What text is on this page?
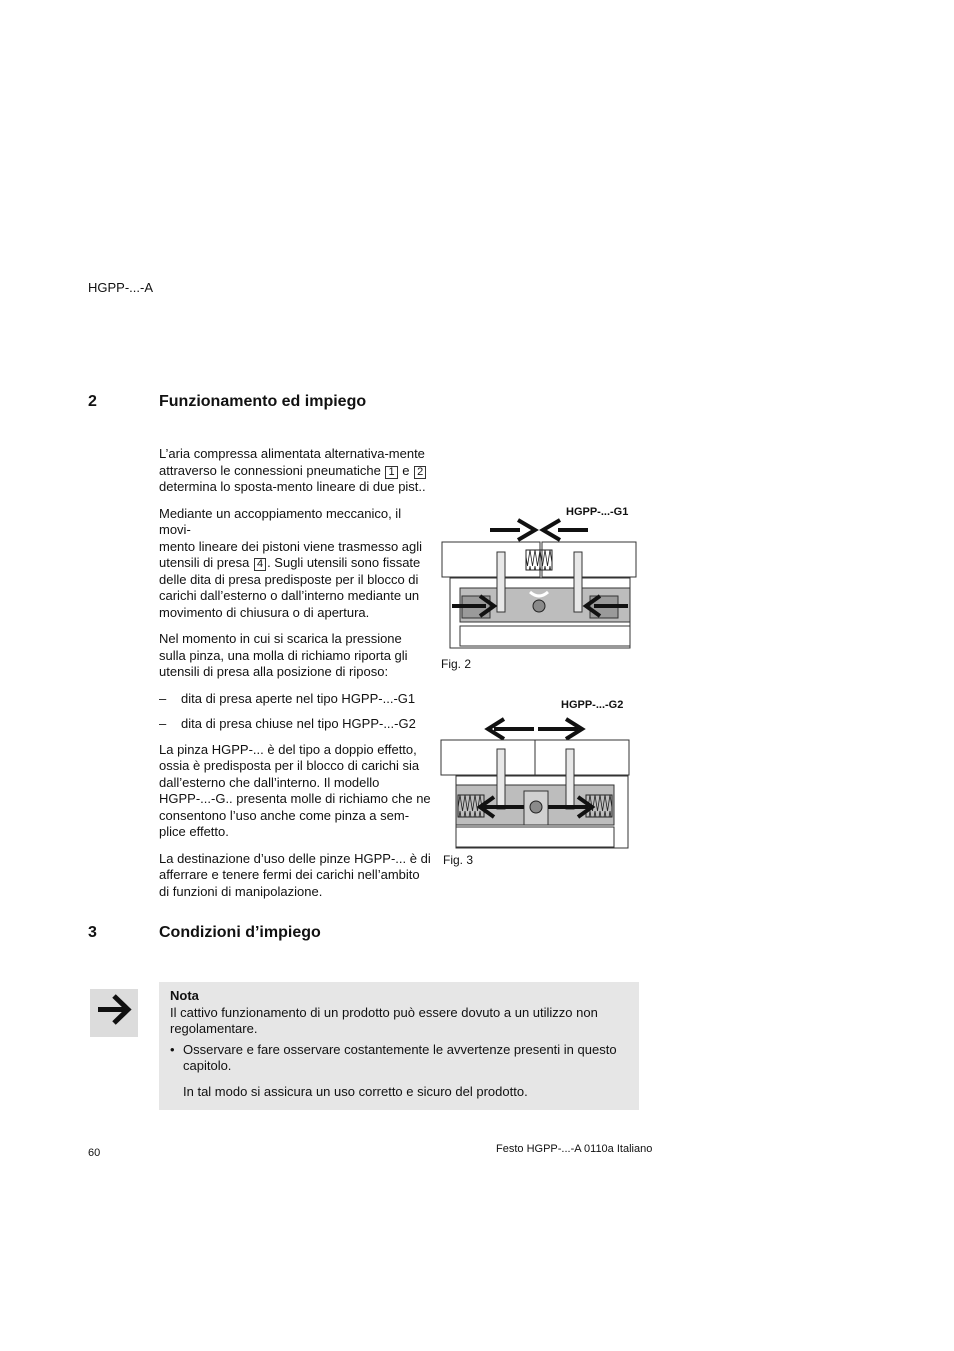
HGPP-...-A
2	Funzionamento ed impiego

L’aria compressa alimentata alternativa-mente
attraverso le connessioni pneumatiche 1 e 2
determina lo sposta-mento lineare di due pist..

Mediante un accoppiamento meccanico, il movi-
mento lineare dei pistoni viene trasmesso agli
utensili di presa 4 . Sugli utensili sono fissate
delle dita di presa predisposte per il blocco di
carichi dall’esterno o dall’interno mediante un
movimento di chiusura o di apertura.

Nel momento in cui si scarica la pressione
sulla pinza, una molla di richiamo riporta gli
utensili di presa alla posizione di riposo:

– dita di presa aperte nel tipo HGPP-...-G1
– dita di presa chiuse nel tipo HGPP-...-G2

La pinza HGPP-... è del tipo a doppio effetto,
ossia è predisposta per il blocco di carichi sia
dall’esterno che dall’interno. Il modello
HGPP-...-G.. presenta molle di richiamo che ne
consentono l’uso anche come pinza a sem-
plice effetto.

La destinazione d’uso delle pinze HGPP-... è di
afferrare e tenere fermi dei carichi nell’ambito
di funzioni di manipolazione.

HGPP-...-G1
Fig. 2
HGPP-...-G2
Fig. 3
3	Condizioni d’impiego
Nota
Il cattivo funzionamento di un prodotto può essere dovuto a un utilizzo non
regolamentare.
• Osservare e fare osservare costantemente le avvertenze presenti in questo
capitolo.
In tal modo si assicura un uso corretto e sicuro del prodotto.
60	Festo HGPP-...-A 0110a Italiano
